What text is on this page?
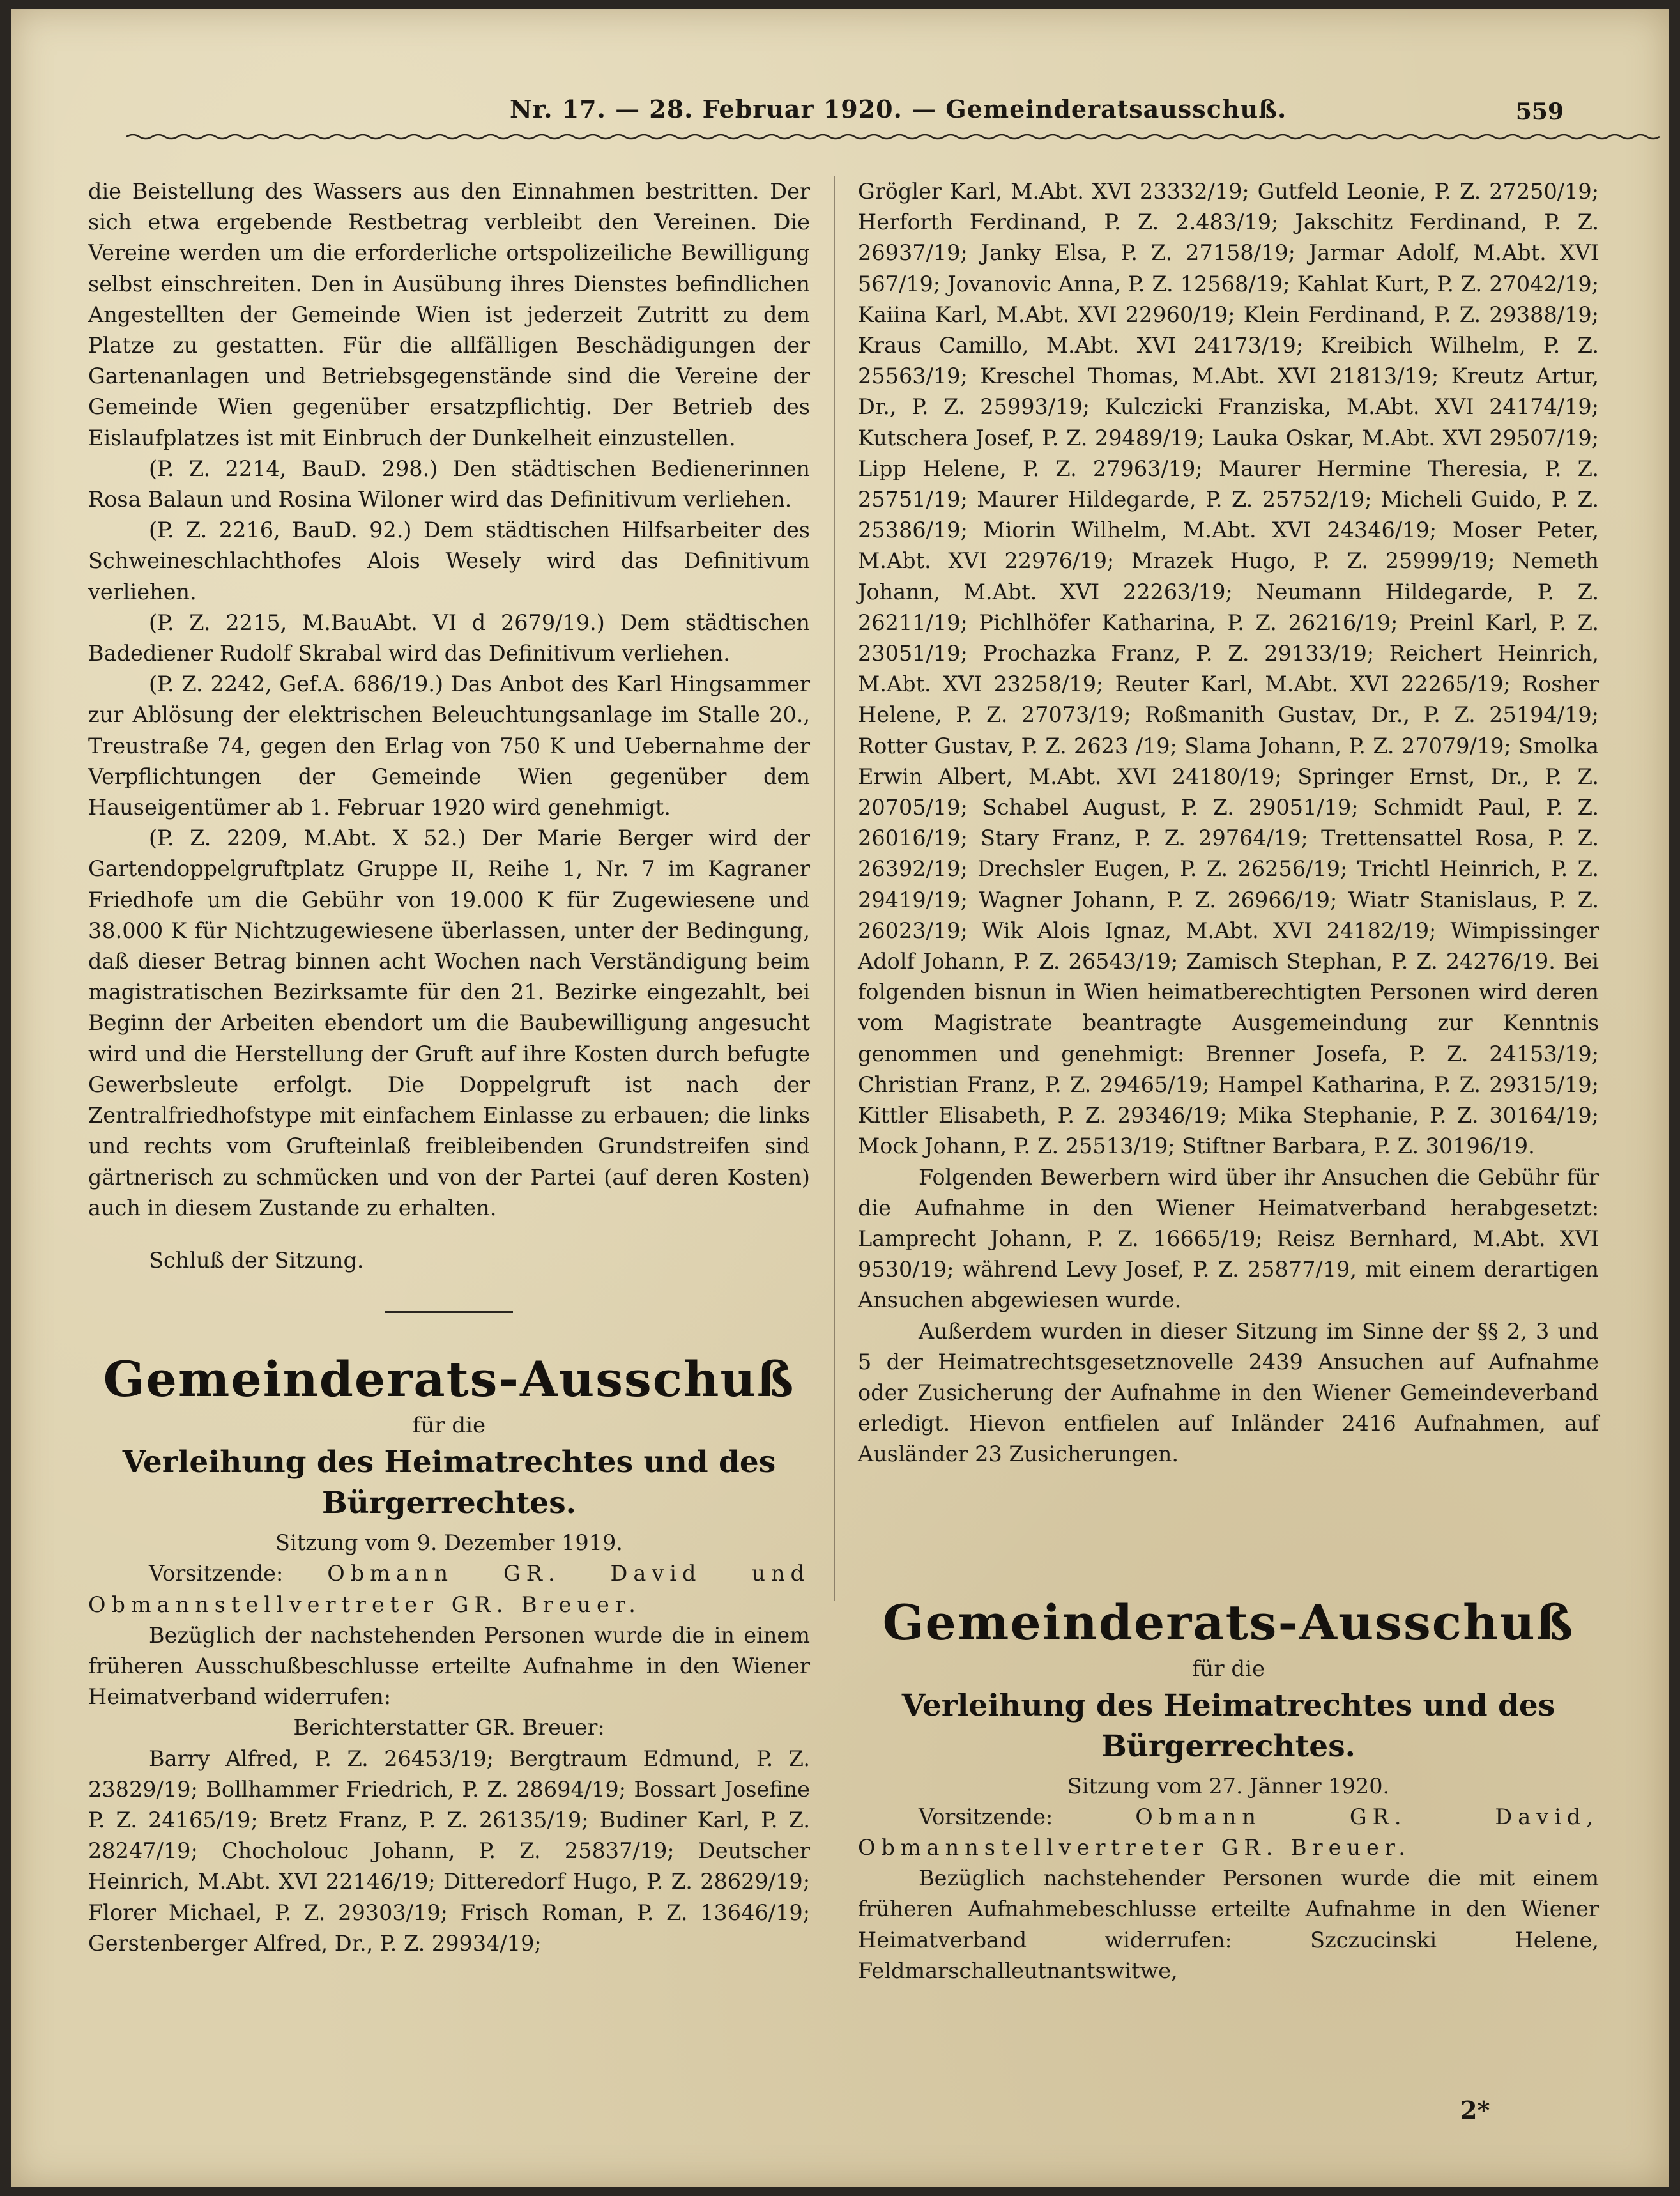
Nr. 17. — 28. Februar 1920. — Gemeinderatsausschuß.	559

die Beistellung des Wassers aus den Einnahmen bestritten. Der sich etwa ergebende Restbetrag verbleibt den Vereinen. Die Vereine werden um die erforderliche ortspolizeiliche Bewilligung selbst einschreiten. Den in Ausübung ihres Dienstes befindlichen Angestellten der Gemeinde Wien ist jederzeit Zutritt zu dem Platze zu gestatten. Für die allfälligen Beschädigungen der Gartenanlagen und Betriebsgegenstände sind die Vereine der Gemeinde Wien gegenüber ersatzpflichtig. Der Betrieb des Eislaufplatzes ist mit Einbruch der Dunkelheit einzustellen.

(P. Z. 2214, BauD. 298.) Den städtischen Bedienerinnen Rosa Balaun und Rosina Wiloner wird das Definitivum verliehen.

(P. Z. 2216, BauD. 92.) Dem städtischen Hilfsarbeiter des Schweineschlachthofes Alois Wesely wird das Definitivum verliehen.

(P. Z. 2215, M.BauAbt. VI d 2679/19.) Dem städtischen Badediener Rudolf Skrabal wird das Definitivum verliehen.

(P. Z. 2242, Gef.A. 686/19.) Das Anbot des Karl Hingsammer zur Ablösung der elektrischen Beleuchtungsanlage im Stalle 20., Treustraße 74, gegen den Erlag von 750 K und Uebernahme der Verpflichtungen der Gemeinde Wien gegenüber dem Hauseigentümer ab 1. Februar 1920 wird genehmigt.

(P. Z. 2209, M.Abt. X 52.) Der Marie Berger wird der Gartendoppelgruftplatz Gruppe II, Reihe 1, Nr. 7 im Kagraner Friedhofe um die Gebühr von 19.000 K für Zugewiesene und 38.000 K für Nichtzugewiesene überlassen, unter der Bedingung, daß dieser Betrag binnen acht Wochen nach Verständigung beim magistratischen Bezirksamte für den 21. Bezirke eingezahlt, bei Beginn der Arbeiten ebendort um die Baubewilligung angesucht wird und die Herstellung der Gruft auf ihre Kosten durch befugte Gewerbsleute erfolgt. Die Doppelgruft ist nach der Zentralfriedhofstype mit einfachem Einlasse zu erbauen; die links und rechts vom Grufteinlaß freibleibenden Grundstreifen sind gärtnerisch zu schmücken und von der Partei (auf deren Kosten) auch in diesem Zustande zu erhalten.

Schluß der Sitzung.

Gemeinderats-Ausschuß
für die
Verleihung des Heimatrechtes und des Bürgerrechtes.

Sitzung vom 9. Dezember 1919.

Vorsitzende: Obmann GR. David und Obmannstellvertreter GR. Breuer.

Bezüglich der nachstehenden Personen wurde die in einem früheren Ausschußbeschlusse erteilte Aufnahme in den Wiener Heimatverband widerrufen:

Berichterstatter GR. Breuer:

Barry Alfred, P. Z. 26453/19; Bergtraum Edmund, P. Z. 23829/19; Bollhammer Friedrich, P. Z. 28694/19; Bossart Josefine P. Z. 24165/19; Bretz Franz, P. Z. 26135/19; Budiner Karl, P. Z. 28247/19; Chocholouc Johann, P. Z. 25837/19; Deutscher Heinrich, M.Abt. XVI 22146/19; Ditteredorf Hugo, P. Z. 28629/19; Florer Michael, P. Z. 29303/19; Frisch Roman, P. Z. 13646/19; Gerstenberger Alfred, Dr., P. Z. 29934/19;

Grögler Karl, M.Abt. XVI 23332/19; Gutfeld Leonie, P. Z. 27250/19; Herforth Ferdinand, P. Z. 2.483/19; Jakschitz Ferdinand, P. Z. 26937/19; Janky Elsa, P. Z. 27158/19; Jarmar Adolf, M.Abt. XVI 567/19; Jovanovic Anna, P. Z. 12568/19; Kahlat Kurt, P. Z. 27042/19; Kaiina Karl, M.Abt. XVI 22960/19; Klein Ferdinand, P. Z. 29388/19; Kraus Camillo, M.Abt. XVI 24173/19; Kreibich Wilhelm, P. Z. 25563/19; Kreschel Thomas, M.Abt. XVI 21813/19; Kreutz Artur, Dr., P. Z. 25993/19; Kulczicki Franziska, M.Abt. XVI 24174/19; Kutschera Josef, P. Z. 29489/19; Lauka Oskar, M.Abt. XVI 29507/19; Lipp Helene, P. Z. 27963/19; Maurer Hermine Theresia, P. Z. 25751/19; Maurer Hildegarde, P. Z. 25752/19; Micheli Guido, P. Z. 25386/19; Miorin Wilhelm, M.Abt. XVI 24346/19; Moser Peter, M.Abt. XVI 22976/19; Mrazek Hugo, P. Z. 25999/19; Nemeth Johann, M.Abt. XVI 22263/19; Neumann Hildegarde, P. Z. 26211/19; Pichlhöfer Katharina, P. Z. 26216/19; Preinl Karl, P. Z. 23051/19; Prochazka Franz, P. Z. 29133/19; Reichert Heinrich, M.Abt. XVI 23258/19; Reuter Karl, M.Abt. XVI 22265/19; Rosher Helene, P. Z. 27073/19; Roßmanith Gustav, Dr., P. Z. 25194/19; Rotter Gustav, P. Z. 2623 /19; Slama Johann, P. Z. 27079/19; Smolka Erwin Albert, M.Abt. XVI 24180/19; Springer Ernst, Dr., P. Z. 20705/19; Schabel August, P. Z. 29051/19; Schmidt Paul, P. Z. 26016/19; Stary Franz, P. Z. 29764/19; Trettensattel Rosa, P. Z. 26392/19; Drechsler Eugen, P. Z. 26256/19; Trichtl Heinrich, P. Z. 29419/19; Wagner Johann, P. Z. 26966/19; Wiatr Stanislaus, P. Z. 26023/19; Wik Alois Ignaz, M.Abt. XVI 24182/19; Wimpissinger Adolf Johann, P. Z. 26543/19; Zamisch Stephan, P. Z. 24276/19. Bei folgenden bisnun in Wien heimatberechtigten Personen wird deren vom Magistrate beantragte Ausgemeindung zur Kenntnis genommen und genehmigt: Brenner Josefa, P. Z. 24153/19; Christian Franz, P. Z. 29465/19; Hampel Katharina, P. Z. 29315/19; Kittler Elisabeth, P. Z. 29346/19; Mika Stephanie, P. Z. 30164/19; Mock Johann, P. Z. 25513/19; Stiftner Barbara, P. Z. 30196/19.

Folgenden Bewerbern wird über ihr Ansuchen die Gebühr für die Aufnahme in den Wiener Heimatverband herabgesetzt: Lamprecht Johann, P. Z. 16665/19; Reisz Bernhard, M.Abt. XVI 9530/19; während Levy Josef, P. Z. 25877/19, mit einem derartigen Ansuchen abgewiesen wurde.

Außerdem wurden in dieser Sitzung im Sinne der §§ 2, 3 und 5 der Heimatrechtsgesetznovelle 2439 Ansuchen auf Aufnahme oder Zusicherung der Aufnahme in den Wiener Gemeindeverband erledigt. Hievon entfielen auf Inländer 2416 Aufnahmen, auf Ausländer 23 Zusicherungen.

Gemeinderats-Ausschuß
für die
Verleihung des Heimatrechtes und des Bürgerrechtes.

Sitzung vom 27. Jänner 1920.

Vorsitzende:	Obmann GR. David, Obmannstellvertreter GR. Breuer.

Bezüglich nachstehender Personen wurde die mit einem früheren Aufnahmebeschlusse erteilte Aufnahme in den Wiener Heimatverband widerrufen: Szczucinski Helene, Feldmarschalleutnantswitwe,

2*
